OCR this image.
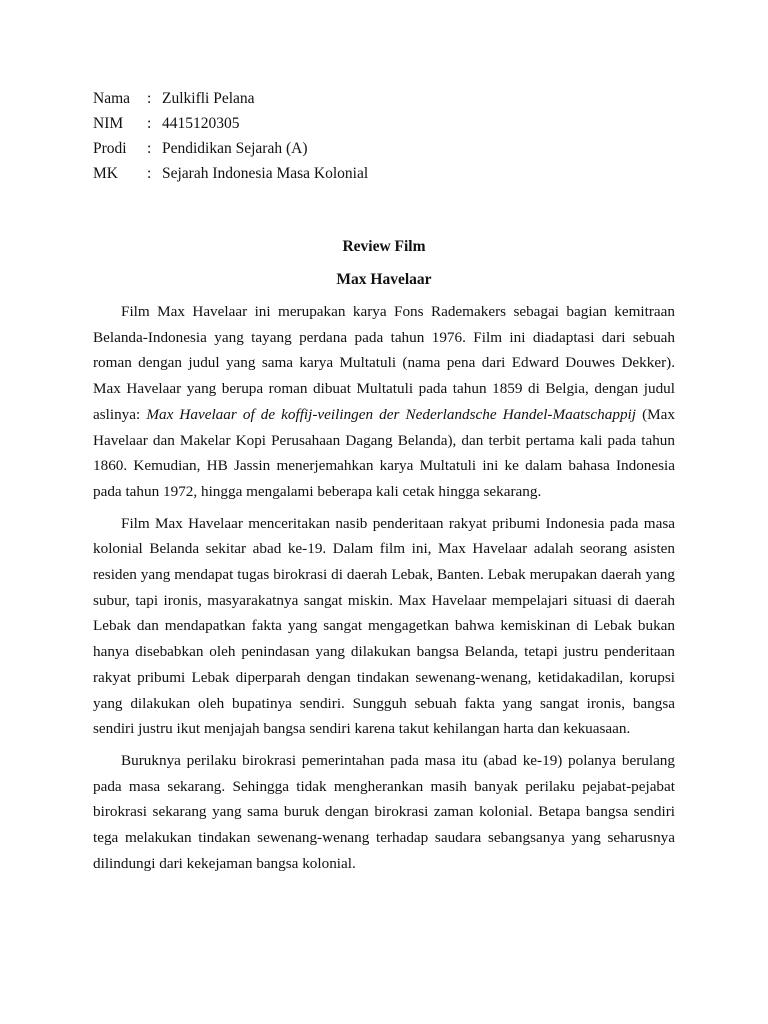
Nama	: Zulkifli Pelana
NIM	: 4415120305
Prodi	: Pendidikan Sejarah (A)
MK	: Sejarah Indonesia Masa Kolonial
Review Film
Max Havelaar

Film Max Havelaar ini merupakan karya Fons Rademakers sebagai bagian kemitraan Belanda-Indonesia yang tayang perdana pada tahun 1976. Film ini diadaptasi dari sebuah roman dengan judul yang sama karya Multatuli (nama pena dari Edward Douwes Dekker). Max Havelaar yang berupa roman dibuat Multatuli pada tahun 1859 di Belgia, dengan judul aslinya: Max Havelaar of de koffij-veilingen der Nederlandsche Handel-Maatschappij (Max Havelaar dan Makelar Kopi Perusahaan Dagang Belanda), dan terbit pertama kali pada tahun 1860. Kemudian, HB Jassin menerjemahkan karya Multatuli ini ke dalam bahasa Indonesia pada tahun 1972, hingga mengalami beberapa kali cetak hingga sekarang.

Film Max Havelaar menceritakan nasib penderitaan rakyat pribumi Indonesia pada masa kolonial Belanda sekitar abad ke-19. Dalam film ini, Max Havelaar adalah seorang asisten residen yang mendapat tugas birokrasi di daerah Lebak, Banten. Lebak merupakan daerah yang subur, tapi ironis, masyarakatnya sangat miskin. Max Havelaar mempelajari situasi di daerah Lebak dan mendapatkan fakta yang sangat mengagetkan bahwa kemiskinan di Lebak bukan hanya disebabkan oleh penindasan yang dilakukan bangsa Belanda, tetapi justru penderitaan rakyat pribumi Lebak diperparah dengan tindakan sewenang-wenang, ketidakadilan, korupsi yang dilakukan oleh bupatinya sendiri. Sungguh sebuah fakta yang sangat ironis, bangsa sendiri justru ikut menjajah bangsa sendiri karena takut kehilangan harta dan kekuasaan.

Buruknya perilaku birokrasi pemerintahan pada masa itu (abad ke-19) polanya berulang pada masa sekarang. Sehingga tidak mengherankan masih banyak perilaku pejabat-pejabat birokrasi sekarang yang sama buruk dengan birokrasi zaman kolonial. Betapa bangsa sendiri tega melakukan tindakan sewenang-wenang terhadap saudara sebangsanya yang seharusnya dilindungi dari kekejaman bangsa kolonial.
